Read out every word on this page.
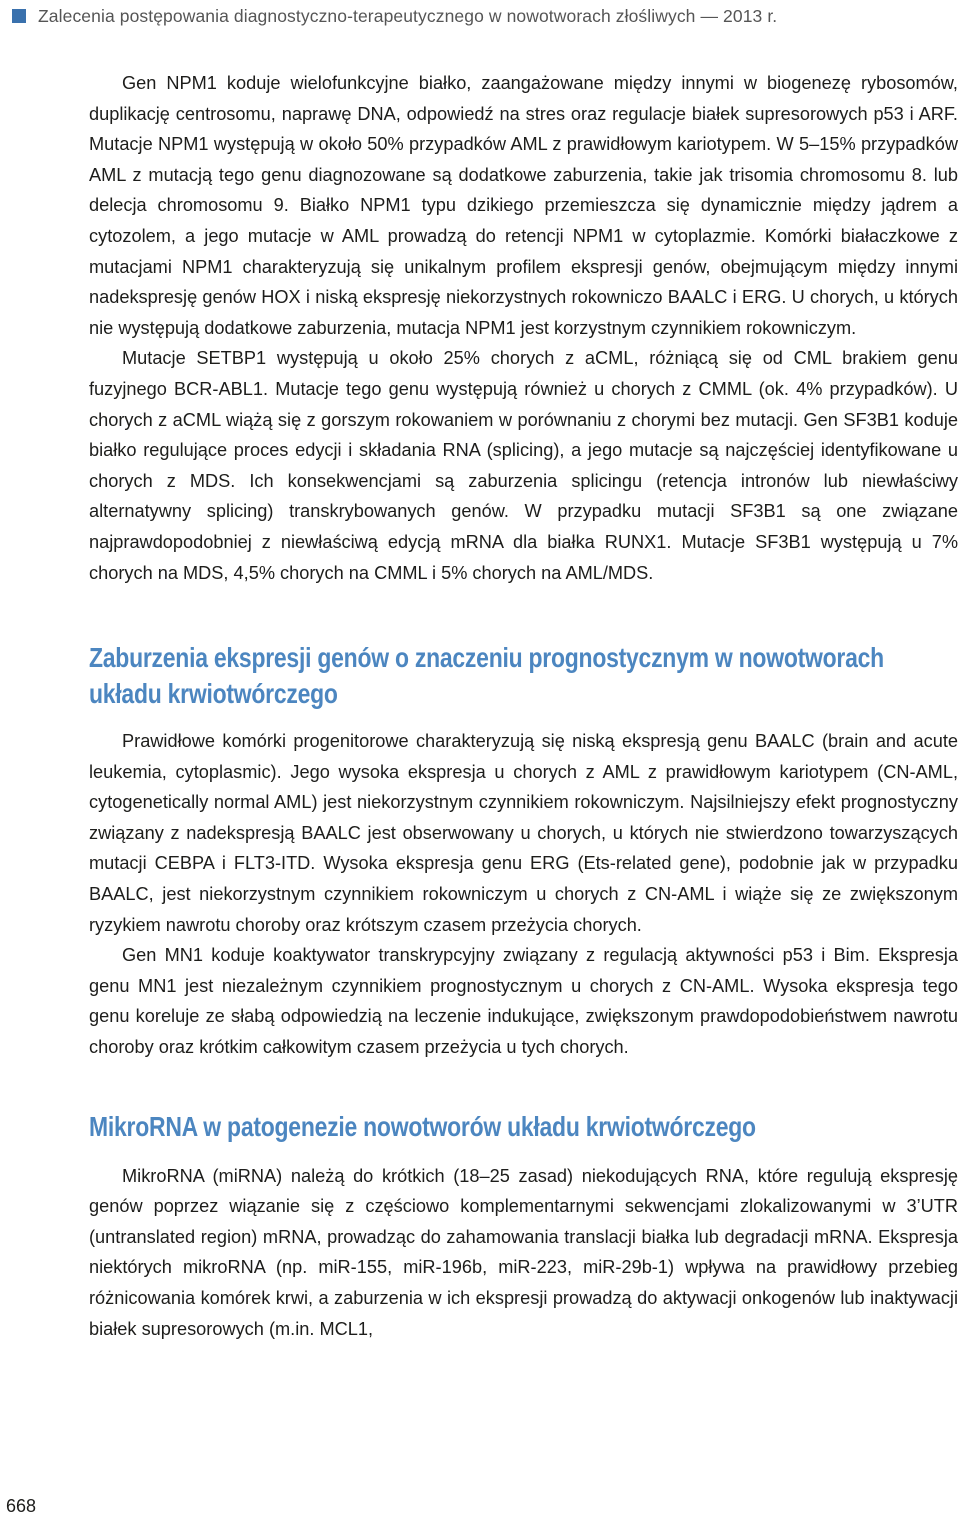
Zalecenia postępowania diagnostyczno-terapeutycznego w nowotworach złośliwych — 2013 r.

Gen NPM1 koduje wielofunkcyjne białko, zaangażowane między innymi w biogenezę rybosomów, duplikację centrosomu, naprawę DNA, odpowiedź na stres oraz regulacje białek supresorowych p53 i ARF. Mutacje NPM1 występują w około 50% przypadków AML z prawidłowym kariotypem. W 5–15% przypadków AML z mutacją tego genu diagnozowane są dodatkowe zaburzenia, takie jak trisomia chromosomu 8. lub delecja chromosomu 9. Białko NPM1 typu dzikiego przemieszcza się dynamicznie między jądrem a cytozolem, a jego mutacje w AML prowadzą do retencji NPM1 w cytoplazmie. Komórki białaczkowe z mutacjami NPM1 charakteryzują się unikalnym profilem ekspresji genów, obejmującym między innymi nadekspresję genów HOX i niską ekspresję niekorzystnych rokowniczo BAALC i ERG. U chorych, u których nie występują dodatkowe zaburzenia, mutacja NPM1 jest korzystnym czynnikiem rokowniczym.

Mutacje SETBP1 występują u około 25% chorych z aCML, różniącą się od CML brakiem genu fuzyjnego BCR-ABL1. Mutacje tego genu występują również u chorych z CMML (ok. 4% przypadków). U chorych z aCML wiążą się z gorszym rokowaniem w porównaniu z chorymi bez mutacji. Gen SF3B1 koduje białko regulujące proces edycji i składania RNA (splicing), a jego mutacje są najczęściej identyfikowane u chorych z MDS. Ich konsekwencjami są zaburzenia splicingu (retencja intronów lub niewłaściwy alternatywny splicing) transkrybowanych genów. W przypadku mutacji SF3B1 są one związane najprawdopodobniej z niewłaściwą edycją mRNA dla białka RUNX1. Mutacje SF3B1 występują u 7% chorych na MDS, 4,5% chorych na CMML i 5% chorych na AML/MDS.

Zaburzenia ekspresji genów o znaczeniu prognostycznym w nowotworach układu krwiotwórczego

Prawidłowe komórki progenitorowe charakteryzują się niską ekspresją genu BAALC (brain and acute leukemia, cytoplasmic). Jego wysoka ekspresja u chorych z AML z prawidłowym kariotypem (CN-AML, cytogenetically normal AML) jest niekorzystnym czynnikiem rokowniczym. Najsilniejszy efekt prognostyczny związany z nadekspresją BAALC jest obserwowany u chorych, u których nie stwierdzono towarzyszących mutacji CEBPA i FLT3-ITD. Wysoka ekspresja genu ERG (Ets-related gene), podobnie jak w przypadku BAALC, jest niekorzystnym czynnikiem rokowniczym u chorych z CN-AML i wiąże się ze zwiększonym ryzykiem nawrotu choroby oraz krótszym czasem przeżycia chorych.

Gen MN1 koduje koaktywator transkrypcyjny związany z regulacją aktywności p53 i Bim. Ekspresja genu MN1 jest niezależnym czynnikiem prognostycznym u chorych z CN-AML. Wysoka ekspresja tego genu koreluje ze słabą odpowiedzią na leczenie indukujące, zwiększonym prawdopodobieństwem nawrotu choroby oraz krótkim całkowitym czasem przeżycia u tych chorych.

MikroRNA w patogenezie nowotworów układu krwiotwórczego

MikroRNA (miRNA) należą do krótkich (18–25 zasad) niekodujących RNA, które regulują ekspresję genów poprzez wiązanie się z częściowo komplementarnymi sekwencjami zlokalizowanymi w 3’UTR (untranslated region) mRNA, prowadząc do zahamowania translacji białka lub degradacji mRNA. Ekspresja niektórych mikroRNA (np. miR-155, miR-196b, miR-223, miR-29b-1) wpływa na prawidłowy przebieg różnicowania komórek krwi, a zaburzenia w ich ekspresji prowadzą do aktywacji onkogenów lub inaktywacji białek supresorowych (m.in. MCL1,

668
